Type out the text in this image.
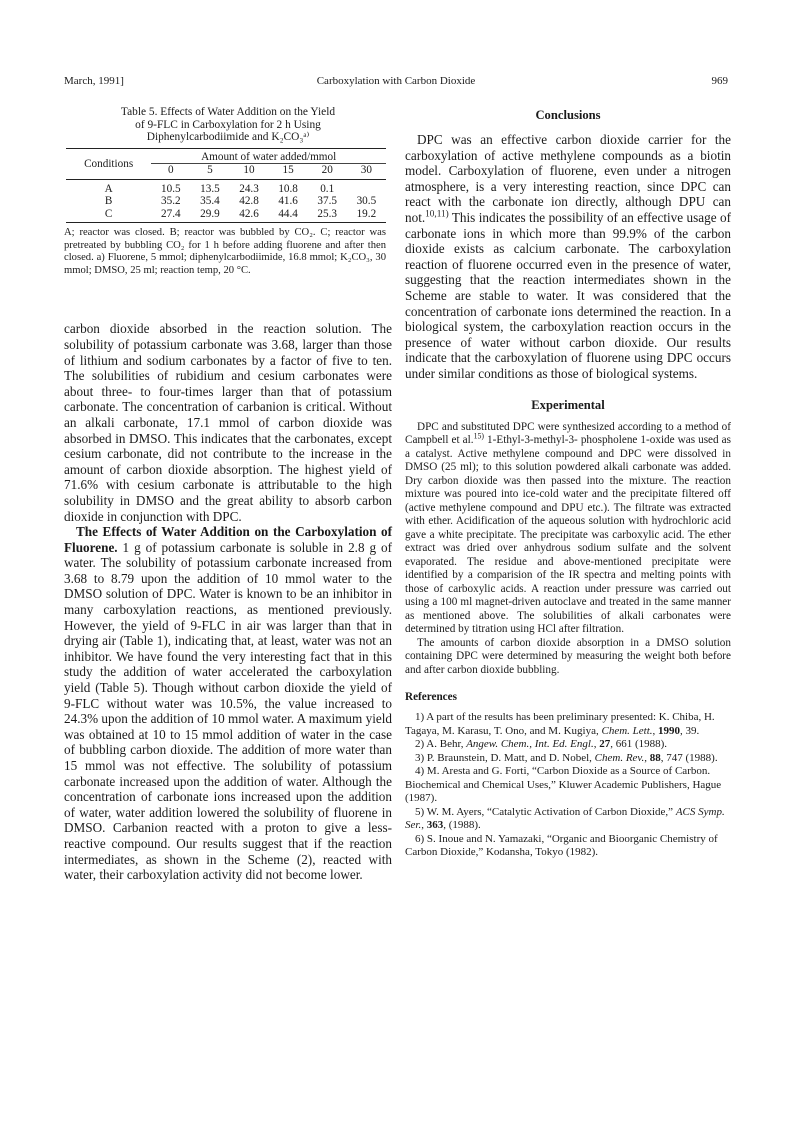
March, 1991]	Carboxylation with Carbon Dioxide	969
Table 5. Effects of Water Addition on the Yield
of 9-FLC in Carboxylation for 2 h Using
Diphenylcarbodiimide and K₂CO₃ᵃ⁾
Conditions	Amount of water added/mmol					
	0	5	10	15	20	30
A	10.5	13.5	24.3	10.8	0.1	
B	35.2	35.4	42.8	41.6	37.5	30.5
C	27.4	29.9	42.6	44.4	25.3	19.2

A; reactor was closed. B; reactor was bubbled by CO₂. C; reactor was pretreated by bubbling CO₂ for 1 h before adding fluorene and after then closed. a) Fluorene, 5 mmol; diphenylcarbodiimide, 16.8 mmol; K₂CO₃, 30 mmol; DMSO, 25 ml; reaction temp, 20 °C.

carbon dioxide absorbed in the reaction solution. The solubility of potassium carbonate was 3.68, larger than those of lithium and sodium carbonates by a factor of five to ten. The solubilities of rubidium and cesium carbonates were about three- to four-times larger than that of potassium carbonate. The concentration of carbanion is critical. Without an alkali carbonate, 17.1 mmol of carbon dioxide was absorbed in DMSO. This indicates that the carbonates, except cesium carbonate, did not contribute to the increase in the amount of carbon dioxide absorption. The highest yield of 71.6% with cesium carbonate is attributable to the high solubility in DMSO and the great ability to absorb carbon dioxide in conjunction with DPC.

The Effects of Water Addition on the Carboxylation of Fluorene. 1 g of potassium carbonate is soluble in 2.8 g of water. The solubility of potassium carbonate increased from 3.68 to 8.79 upon the addition of 10 mmol water to the DMSO solution of DPC. Water is known to be an inhibitor in many carboxylation reactions, as mentioned previously. However, the yield of 9-FLC in air was larger than that in drying air (Table 1), indicating that, at least, water was not an inhibitor. We have found the very interesting fact that in this study the addition of water accelerated the carboxylation yield (Table 5). Though without carbon dioxide the yield of 9-FLC without water was 10.5%, the value increased to 24.3% upon the addition of 10 mmol water. A maximum yield was obtained at 10 to 15 mmol addition of water in the case of bubbling carbon dioxide. The addition of more water than 15 mmol was not effective. The solubility of potassium carbonate increased upon the addition of water. Although the concentration of carbonate ions increased upon the addition of water, water addition lowered the solubility of fluorene in DMSO. Carbanion reacted with a proton to give a less-reactive compound. Our results suggest that if the reaction intermediates, as shown in the Scheme (2), reacted with water, their carboxylation activity did not become lower.

Conclusions

DPC was an effective carbon dioxide carrier for the carboxylation of active methylene compounds as a biotin model. Carboxylation of fluorene, even under a nitrogen atmosphere, is a very interesting reaction, since DPC can react with the carbonate ion directly, although DPU can not.$^{10,11)}$ This indicates the possibility of an effective usage of carbonate ions in which more than 99.9% of the carbon dioxide exists as calcium carbonate. The carboxylation reaction of fluorene occurred even in the presence of water, suggesting that the reaction intermediates shown in the Scheme are stable to water. It was considered that the concentration of carbonate ions determined the reaction. In a biological system, the carboxylation reaction occurs in the presence of water without carbon dioxide. Our results indicate that the carboxylation of fluorene using DPC occurs under similar conditions as those of biological systems.

Experimental

DPC and substituted DPC were synthesized according to a method of Campbell et al.$^{15)}$ 1-Ethyl-3-methyl-3- phospholene 1-oxide was used as a catalyst. Active methylene compound and DPC were dissolved in DMSO (25 ml); to this solution powdered alkali carbonate was added. Dry carbon dioxide was then passed into the mixture. The reaction mixture was poured into ice-cold water and the precipitate filtered off (active methylene compound and DPU etc.). The filtrate was extracted with ether. Acidification of the aqueous solution with hydrochloric acid gave a white precipitate. The precipitate was carboxylic acid. The ether extract was dried over anhydrous sodium sulfate and the solvent evaporated. The residue and above-mentioned precipitate were identified by a comparision of the IR spectra and melting points with those of carboxylic acids. A reaction under pressure was carried out using a 100 ml magnet-driven autoclave and treated in the same manner as mentioned above. The solubilities of alkali carbonates were determined by titration using HCl after filtration.

The amounts of carbon dioxide absorption in a DMSO solution containing DPC were determined by measuring the weight both before and after carbon dioxide bubbling.

References
1) A part of the results has been preliminary presented: K. Chiba, H. Tagaya, M. Karasu, T. Ono, and M. Kugiya, Chem. Lett., 1990, 39.
2) A. Behr, Angew. Chem., Int. Ed. Engl., 27, 661 (1988).
3) P. Braunstein, D. Matt, and D. Nobel, Chem. Rev., 88, 747 (1988).
4) M. Aresta and G. Forti, “Carbon Dioxide as a Source of Carbon. Biochemical and Chemical Uses,” Kluwer Academic Publishers, Hague (1987).
5) W. M. Ayers, “Catalytic Activation of Carbon Dioxide,” ACS Symp. Ser., 363, (1988).
6) S. Inoue and N. Yamazaki, “Organic and Bioorganic Chemistry of Carbon Dioxide,” Kodansha, Tokyo (1982).
